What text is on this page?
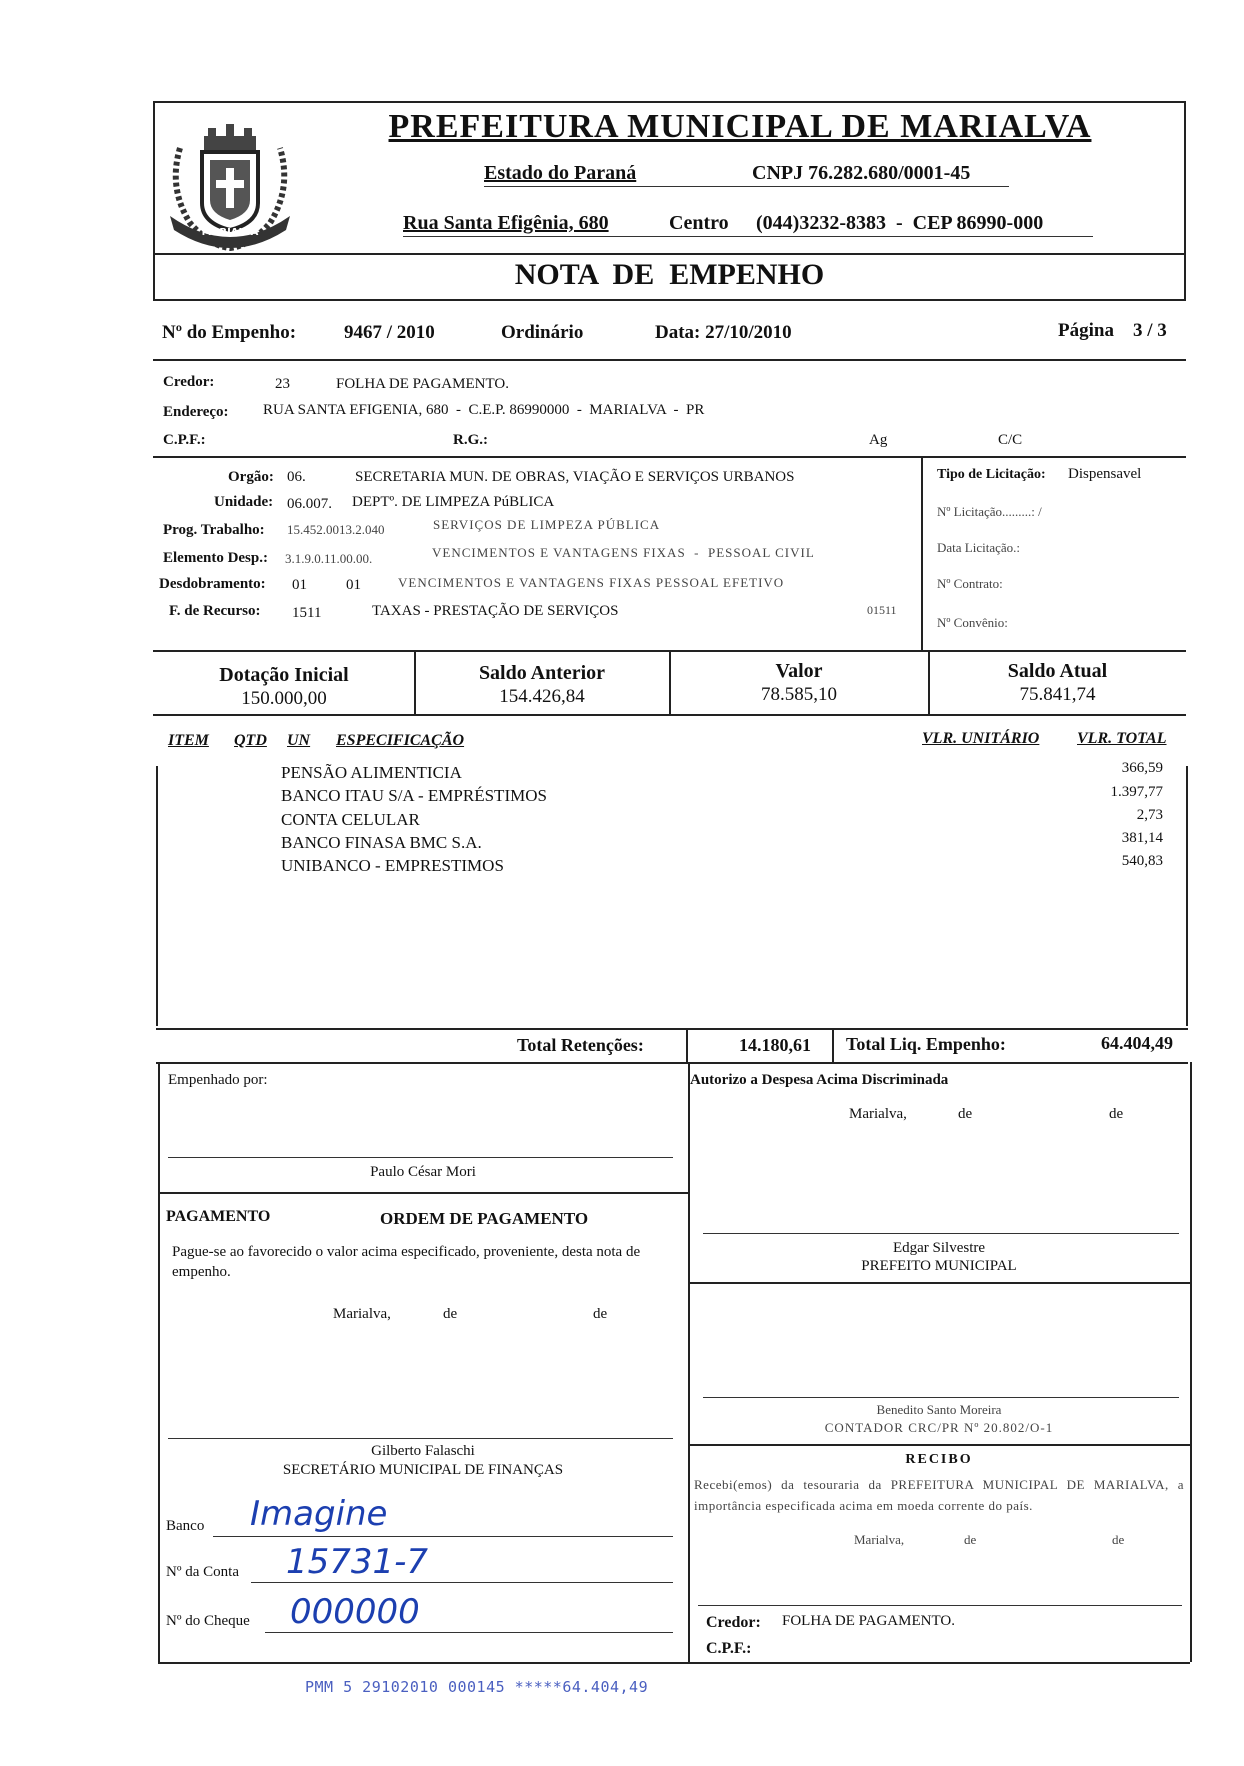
MARIALVA
PREFEITURA MUNICIPAL DE MARIALVA
Estado do Paraná	CNPJ 76.282.680/0001-45
Rua Santa Efigênia, 680	Centro (044)3232-8383  -  CEP 86990-000
NOTA  DE  EMPENHO
Nº do Empenho:	9467 / 2010	Ordinário	Data: 27/10/2010	Página 3 / 3
Credor:	23	FOLHA DE PAGAMENTO.
Endereço: RUA SANTA EFIGENIA, 680  -  C.E.P. 86990000  -  MARIALVA  -  PR
C.P.F.:	R.G.:	Ag	C/C
Orgão: 06.	SECRETARIA MUN. DE OBRAS, VIAÇÃO E SERVIÇOS URBANOS
Unidade: 06.007. DEPTº. DE LIMPEZA PúBLICA
Prog. Trabalho: 15.452.0013.2.040	SERVIÇOS DE LIMPEZA PÚBLICA
Elemento Desp.: 3.1.9.0.11.00.00.	VENCIMENTOS E VANTAGENS FIXAS  -  PESSOAL CIVIL
Desdobramento: 01	01	VENCIMENTOS E VANTAGENS FIXAS PESSOAL EFETIVO
F. de Recurso: 1511	TAXAS - PRESTAÇÃO DE SERVIÇOS	01511
Tipo de Licitação: Dispensavel
Nº Licitação.........: /
Data Licitação.:
Nº Contrato:
Nº Convênio:
Dotação Inicial
150.000,00
Saldo Anterior
154.426,84
Valor
78.585,10
Saldo Atual
75.841,74
ITEM QTD UN ESPECIFICAÇÃO	VLR. UNITÁRIO VLR. TOTAL
PENSÃO ALIMENTICIA	366,59
BANCO ITAU S/A - EMPRÉSTIMOS	1.397,77
CONTA CELULAR	2,73
BANCO FINASA BMC S.A.	381,14
UNIBANCO - EMPRESTIMOS	540,83
Total Retenções:	14.180,61 Total Liq. Empenho:	64.404,49
Empenhado por:
Paulo César Mori
PAGAMENTO	ORDEM DE PAGAMENTO
Pague-se ao favorecido o valor acima especificado, proveniente, desta nota de empenho.
Marialva,	de	de
Gilberto Falaschi
SECRETÁRIO MUNICIPAL DE FINANÇAS
Banco Imagine
Nº da Conta 15731-7
Nº do Cheque 000000
Autorizo a Despesa Acima Discriminada
Marialva,	de	de
Edgar Silvestre
PREFEITO MUNICIPAL
Benedito Santo Moreira
CONTADOR CRC/PR Nº 20.802/O-1
RECIBO
Recebi(emos) da tesouraria da PREFEITURA MUNICIPAL DE MARIALVA, a importância especificada acima em moeda corrente do país.
Marialva,	de	de
Credor: FOLHA DE PAGAMENTO.
C.P.F.:
PMM 5 29102010 000145 *****64.404,49
